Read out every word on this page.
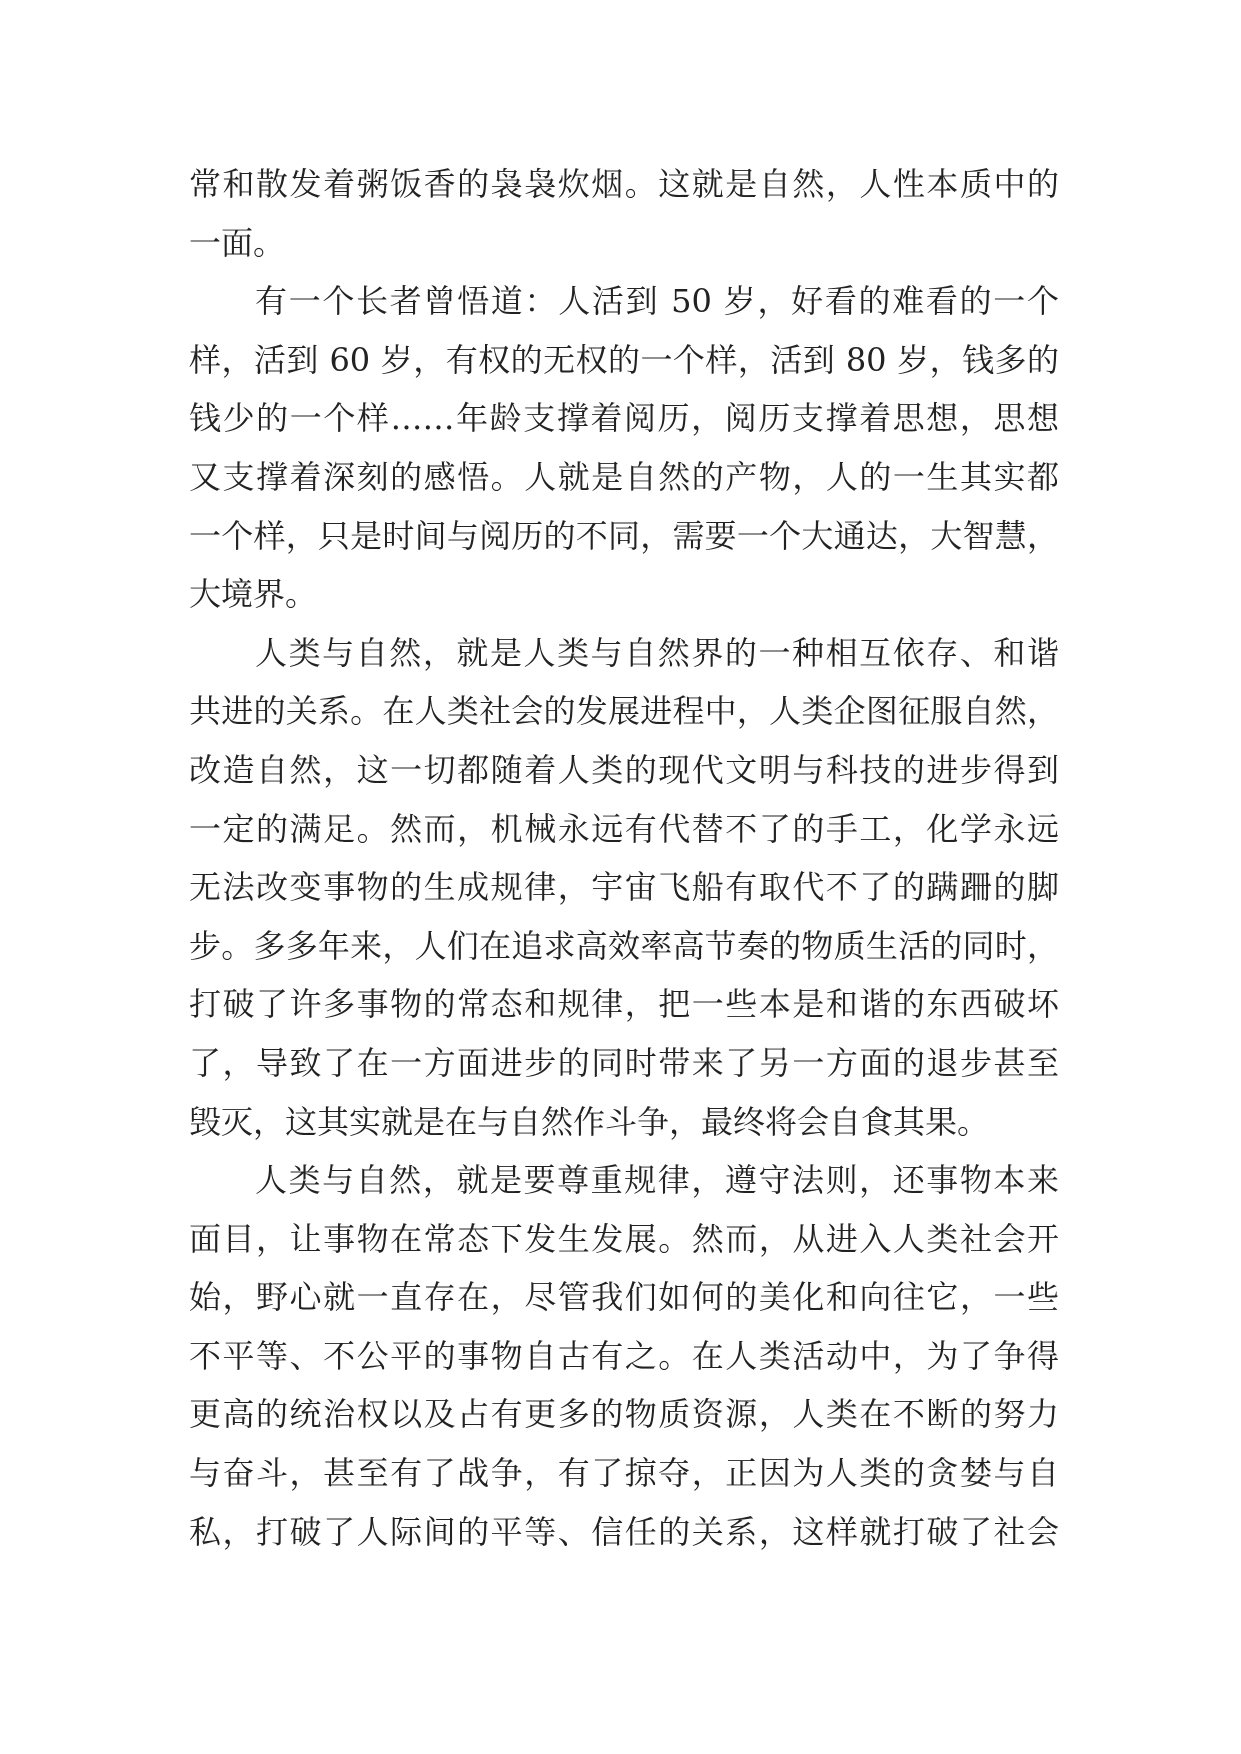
常和散发着粥饭香的袅袅炊烟。这就是自然，人性本质中的
一面。
有一个长者曾悟道：人活到 50 岁，好看的难看的一个
样，活到 60 岁，有权的无权的一个样，活到 80 岁，钱多的
钱少的一个样……年龄支撑着阅历，阅历支撑着思想，思想
又支撑着深刻的感悟。人就是自然的产物，人的一生其实都
一个样，只是时间与阅历的不同，需要一个大通达，大智慧，
大境界。
人类与自然，就是人类与自然界的一种相互依存、和谐
共进的关系。在人类社会的发展进程中，人类企图征服自然，
改造自然，这一切都随着人类的现代文明与科技的进步得到
一定的满足。然而，机械永远有代替不了的手工，化学永远
无法改变事物的生成规律，宇宙飞船有取代不了的蹒跚的脚
步。多多年来，人们在追求高效率高节奏的物质生活的同时，
打破了许多事物的常态和规律，把一些本是和谐的东西破坏
了，导致了在一方面进步的同时带来了另一方面的退步甚至
毁灭，这其实就是在与自然作斗争，最终将会自食其果。
人类与自然，就是要尊重规律，遵守法则，还事物本来
面目，让事物在常态下发生发展。然而，从进入人类社会开
始，野心就一直存在，尽管我们如何的美化和向往它，一些
不平等、不公平的事物自古有之。在人类活动中，为了争得
更高的统治权以及占有更多的物质资源，人类在不断的努力
与奋斗，甚至有了战争，有了掠夺，正因为人类的贪婪与自
私，打破了人际间的平等、信任的关系，这样就打破了社会
